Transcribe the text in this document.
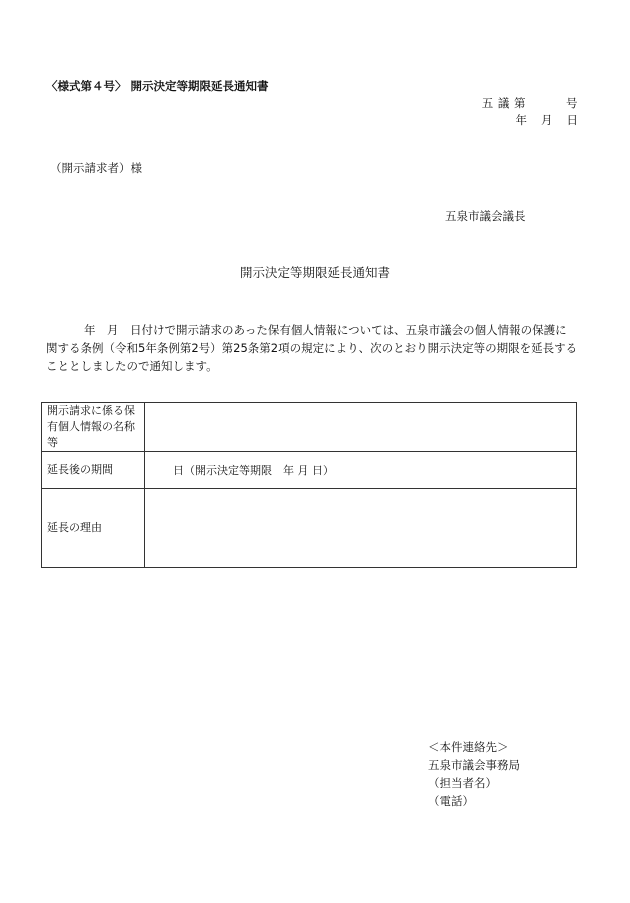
〈様式第４号〉 開示決定等期限延長通知書
五 議 第	号
年 月 日
（開示請求者）様
五泉市議会議長
開示決定等期限延長通知書
年　月　日付けで開示請求のあった保有個人情報については、五泉市議会の個人情報の保護に関する条例（令和5年条例第2号）第25条第2項の規定により、次のとおり開示決定等の期限を延長することとしましたので通知します。
開示請求に係る保有個人情報の名称等	
延長後の期間	日（開示決定等期限　年 月 日）
延長の理由	
＜本件連絡先＞
五泉市議会事務局
（担当者名）
（電話）
